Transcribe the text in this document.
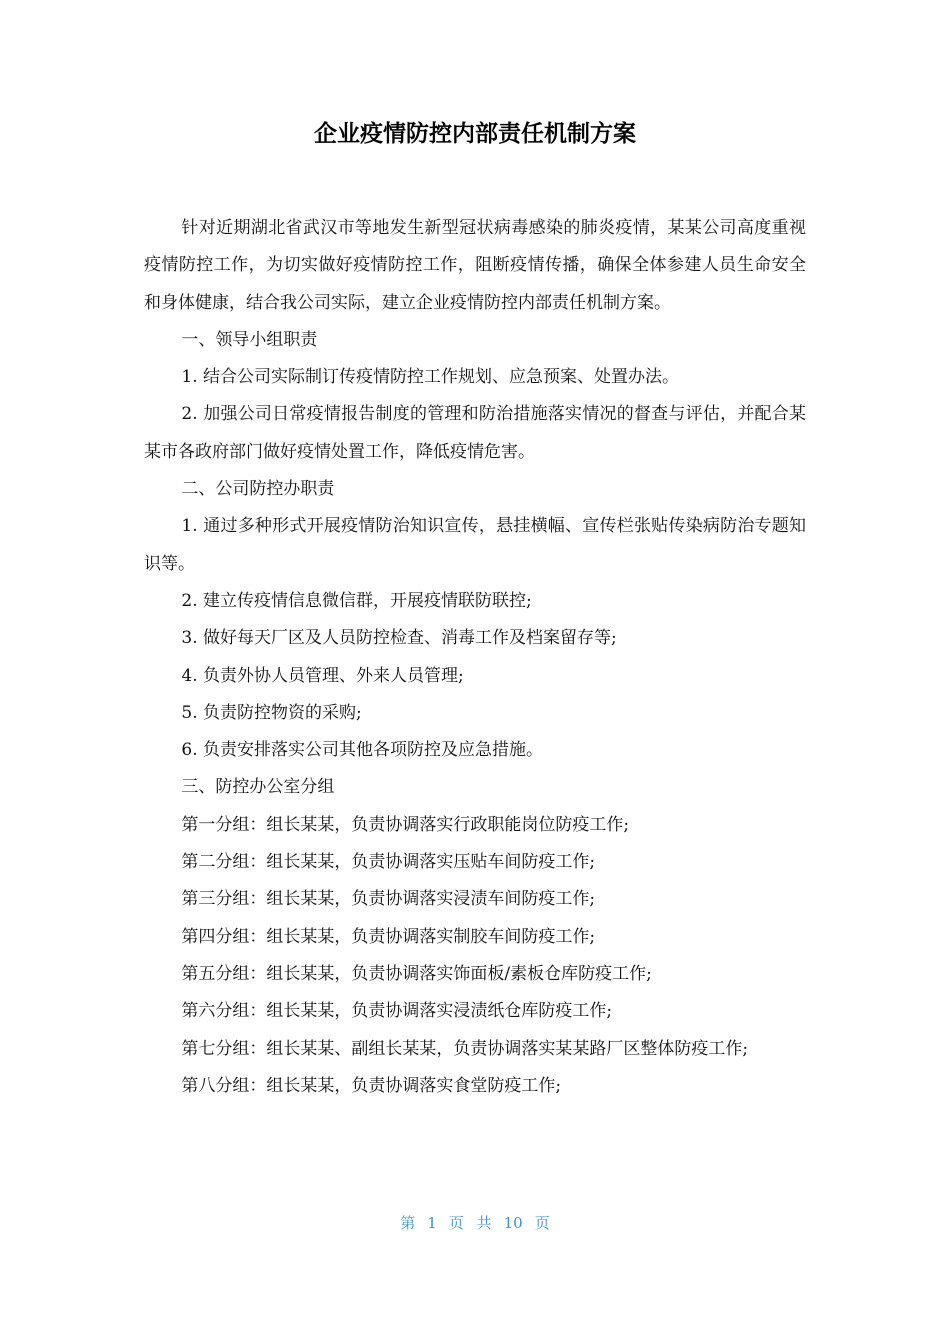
企业疫情防控内部责任机制方案

针对近期湖北省武汉市等地发生新型冠状病毒感染的肺炎疫情，某某公司高度重视疫情防控工作，为切实做好疫情防控工作，阻断疫情传播，确保全体参建人员生命安全和身体健康，结合我公司实际，建立企业疫情防控内部责任机制方案。

一、领导小组职责

1. 结合公司实际制订传疫情防控工作规划、应急预案、处置办法。

2. 加强公司日常疫情报告制度的管理和防治措施落实情况的督查与评估，并配合某某市各政府部门做好疫情处置工作，降低疫情危害。

二、公司防控办职责

1. 通过多种形式开展疫情防治知识宣传，悬挂横幅、宣传栏张贴传染病防治专题知识等。

2. 建立传疫情信息微信群，开展疫情联防联控;

3. 做好每天厂区及人员防控检查、消毒工作及档案留存等;

4. 负责外协人员管理、外来人员管理;

5. 负责防控物资的采购;

6. 负责安排落实公司其他各项防控及应急措施。

三、防控办公室分组

第一分组：组长某某，负责协调落实行政职能岗位防疫工作;

第二分组：组长某某，负责协调落实压贴车间防疫工作;

第三分组：组长某某，负责协调落实浸渍车间防疫工作;

第四分组：组长某某，负责协调落实制胶车间防疫工作;

第五分组：组长某某，负责协调落实饰面板/素板仓库防疫工作;

第六分组：组长某某，负责协调落实浸渍纸仓库防疫工作;

第七分组：组长某某、副组长某某，负责协调落实某某路厂区整体防疫工作;

第八分组：组长某某，负责协调落实食堂防疫工作;

第 1 页 共 10 页
